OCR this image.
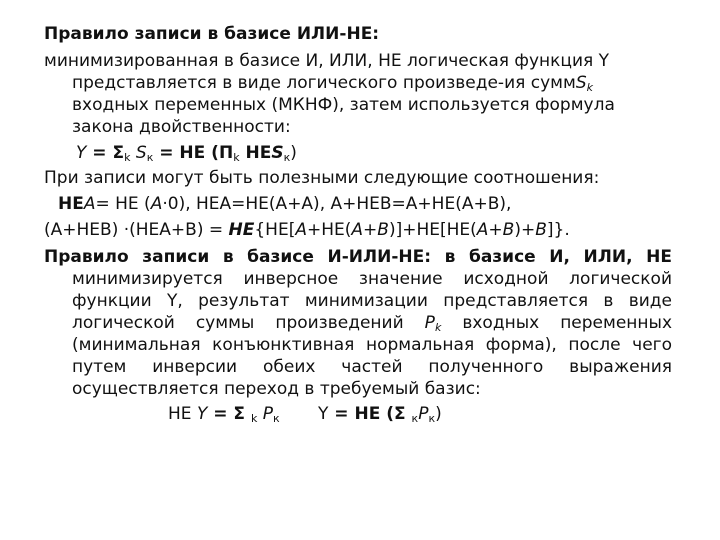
Правило записи в базисе ИЛИ-НЕ:
минимизированная в базисе И, ИЛИ, НЕ логическая функция Y
представляется в виде логического произведе-ия суммS$_k$
входных переменных (МКНФ), затем используется формула
закона двойственности:
$Y = \Sigma_k$ $S_к$ = НЕ ($П_k$ $НЕS_к$)
При записи могут быть полезными следующие соотношения:
НЕA= НЕ (A·0), НЕА=НЕ(А+А), А+НЕВ=А+НЕ(А+В),
(А+НЕВ) ·(НЕА+В) = НЕ{НЕ[A+НЕ(A+B)]+НЕ[НЕ(A+B)+B]}.
Правило записи в базисе И-ИЛИ-НЕ: в базисе И, ИЛИ, НЕ
минимизируется инверсное значение исходной логической
функции Y, результат минимизации представляется в виде
логической суммы произведений $P_k$ входных переменных
(минимальная конъюнктивная нормальная форма), после чего
путем инверсии обеих частей полученного выражения
осуществляется переход в требуемый базис:
НЕ Y = Σ $_k$ $P_к$ Y = НЕ (Σ $_кP_к$)
